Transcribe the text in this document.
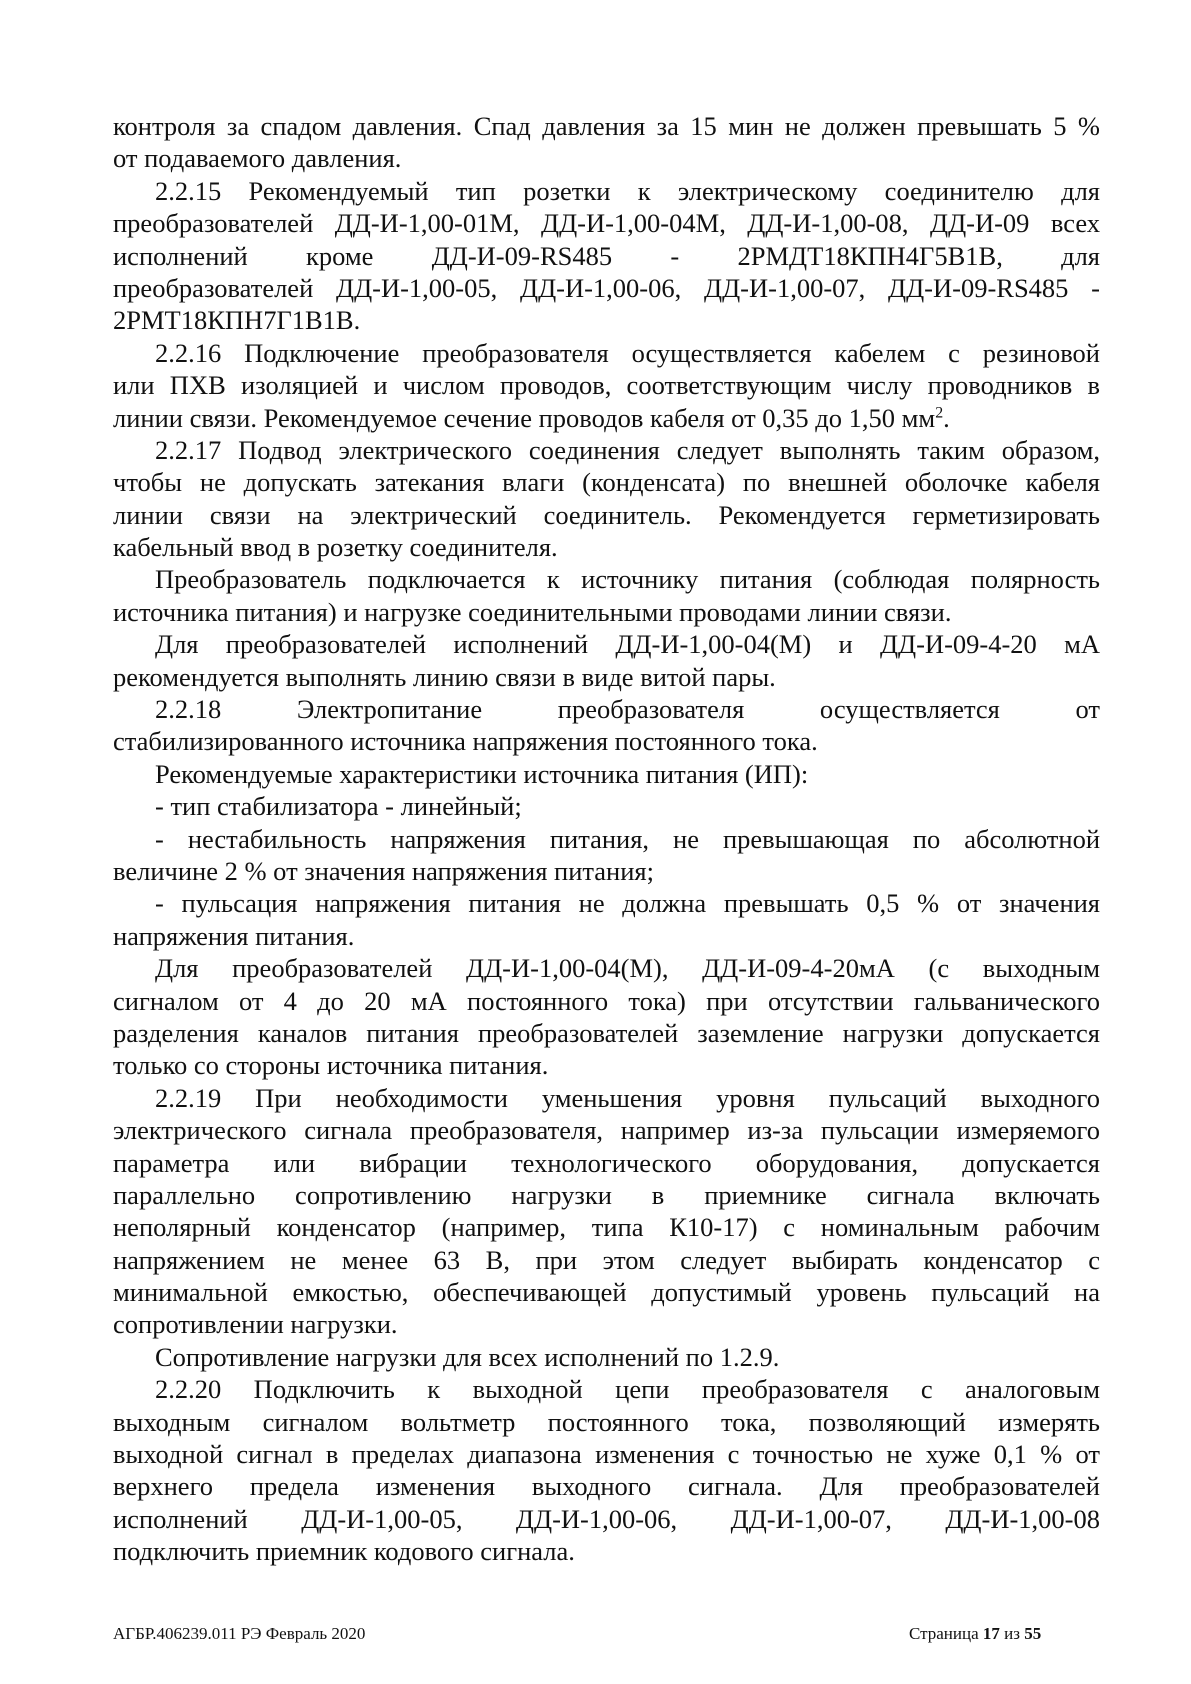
контроля за спадом давления. Спад давления за 15 мин не должен превышать 5 %
от подаваемого давления.
2.2.15 Рекомендуемый тип розетки к электрическому соединителю для
преобразователей ДД-И-1,00-01М, ДД-И-1,00-04М, ДД-И-1,00-08, ДД-И-09 всех
исполнений кроме ДД-И-09-RS485 - 2РМДТ18КПН4Г5В1В, для
преобразователей ДД-И-1,00-05, ДД-И-1,00-06, ДД-И-1,00-07, ДД-И-09-RS485 -
2РМТ18КПН7Г1В1В.
2.2.16 Подключение преобразователя осуществляется кабелем с резиновой
или ПХВ изоляцией и числом проводов, соответствующим числу проводников в
линии связи. Рекомендуемое сечение проводов кабеля от 0,35 до 1,50 $мм^2$.
2.2.17 Подвод электрического соединения следует выполнять таким образом,
чтобы не допускать затекания влаги (конденсата) по внешней оболочке кабеля
линии связи на электрический соединитель. Рекомендуется герметизировать
кабельный ввод в розетку соединителя.
Преобразователь подключается к источнику питания (соблюдая полярность
источника питания) и нагрузке соединительными проводами линии связи.
Для преобразователей исполнений ДД-И-1,00-04(М) и ДД-И-09-4-20 мА
рекомендуется выполнять линию связи в виде витой пары.
2.2.18 Электропитание преобразователя осуществляется от
стабилизированного источника напряжения постоянного тока.
Рекомендуемые характеристики источника питания (ИП):
- тип стабилизатора - линейный;
- нестабильность напряжения питания, не превышающая по абсолютной
величине 2 % от значения напряжения питания;
- пульсация напряжения питания не должна превышать 0,5 % от значения
напряжения питания.
Для преобразователей ДД-И-1,00-04(М), ДД-И-09-4-20мА (с выходным
сигналом от 4 до 20 мА постоянного тока) при отсутствии гальванического
разделения каналов питания преобразователей заземление нагрузки допускается
только со стороны источника питания.
2.2.19 При необходимости уменьшения уровня пульсаций выходного
электрического сигнала преобразователя, например из-за пульсации измеряемого
параметра или вибрации технологического оборудования, допускается
параллельно сопротивлению нагрузки в приемнике сигнала включать
неполярный конденсатор (например, типа К10-17) с номинальным рабочим
напряжением не менее 63 В, при этом следует выбирать конденсатор с
минимальной емкостью, обеспечивающей допустимый уровень пульсаций на
сопротивлении нагрузки.
Сопротивление нагрузки для всех исполнений по 1.2.9.
2.2.20 Подключить к выходной цепи преобразователя с аналоговым
выходным сигналом вольтметр постоянного тока, позволяющий измерять
выходной сигнал в пределах диапазона изменения с точностью не хуже 0,1 % от
верхнего предела изменения выходного сигнала. Для преобразователей
исполнений ДД-И-1,00-05, ДД-И-1,00-06, ДД-И-1,00-07, ДД-И-1,00-08
подключить приемник кодового сигнала.
АГБР.406239.011 РЭ Февраль 2020	Страница 17 из 55
